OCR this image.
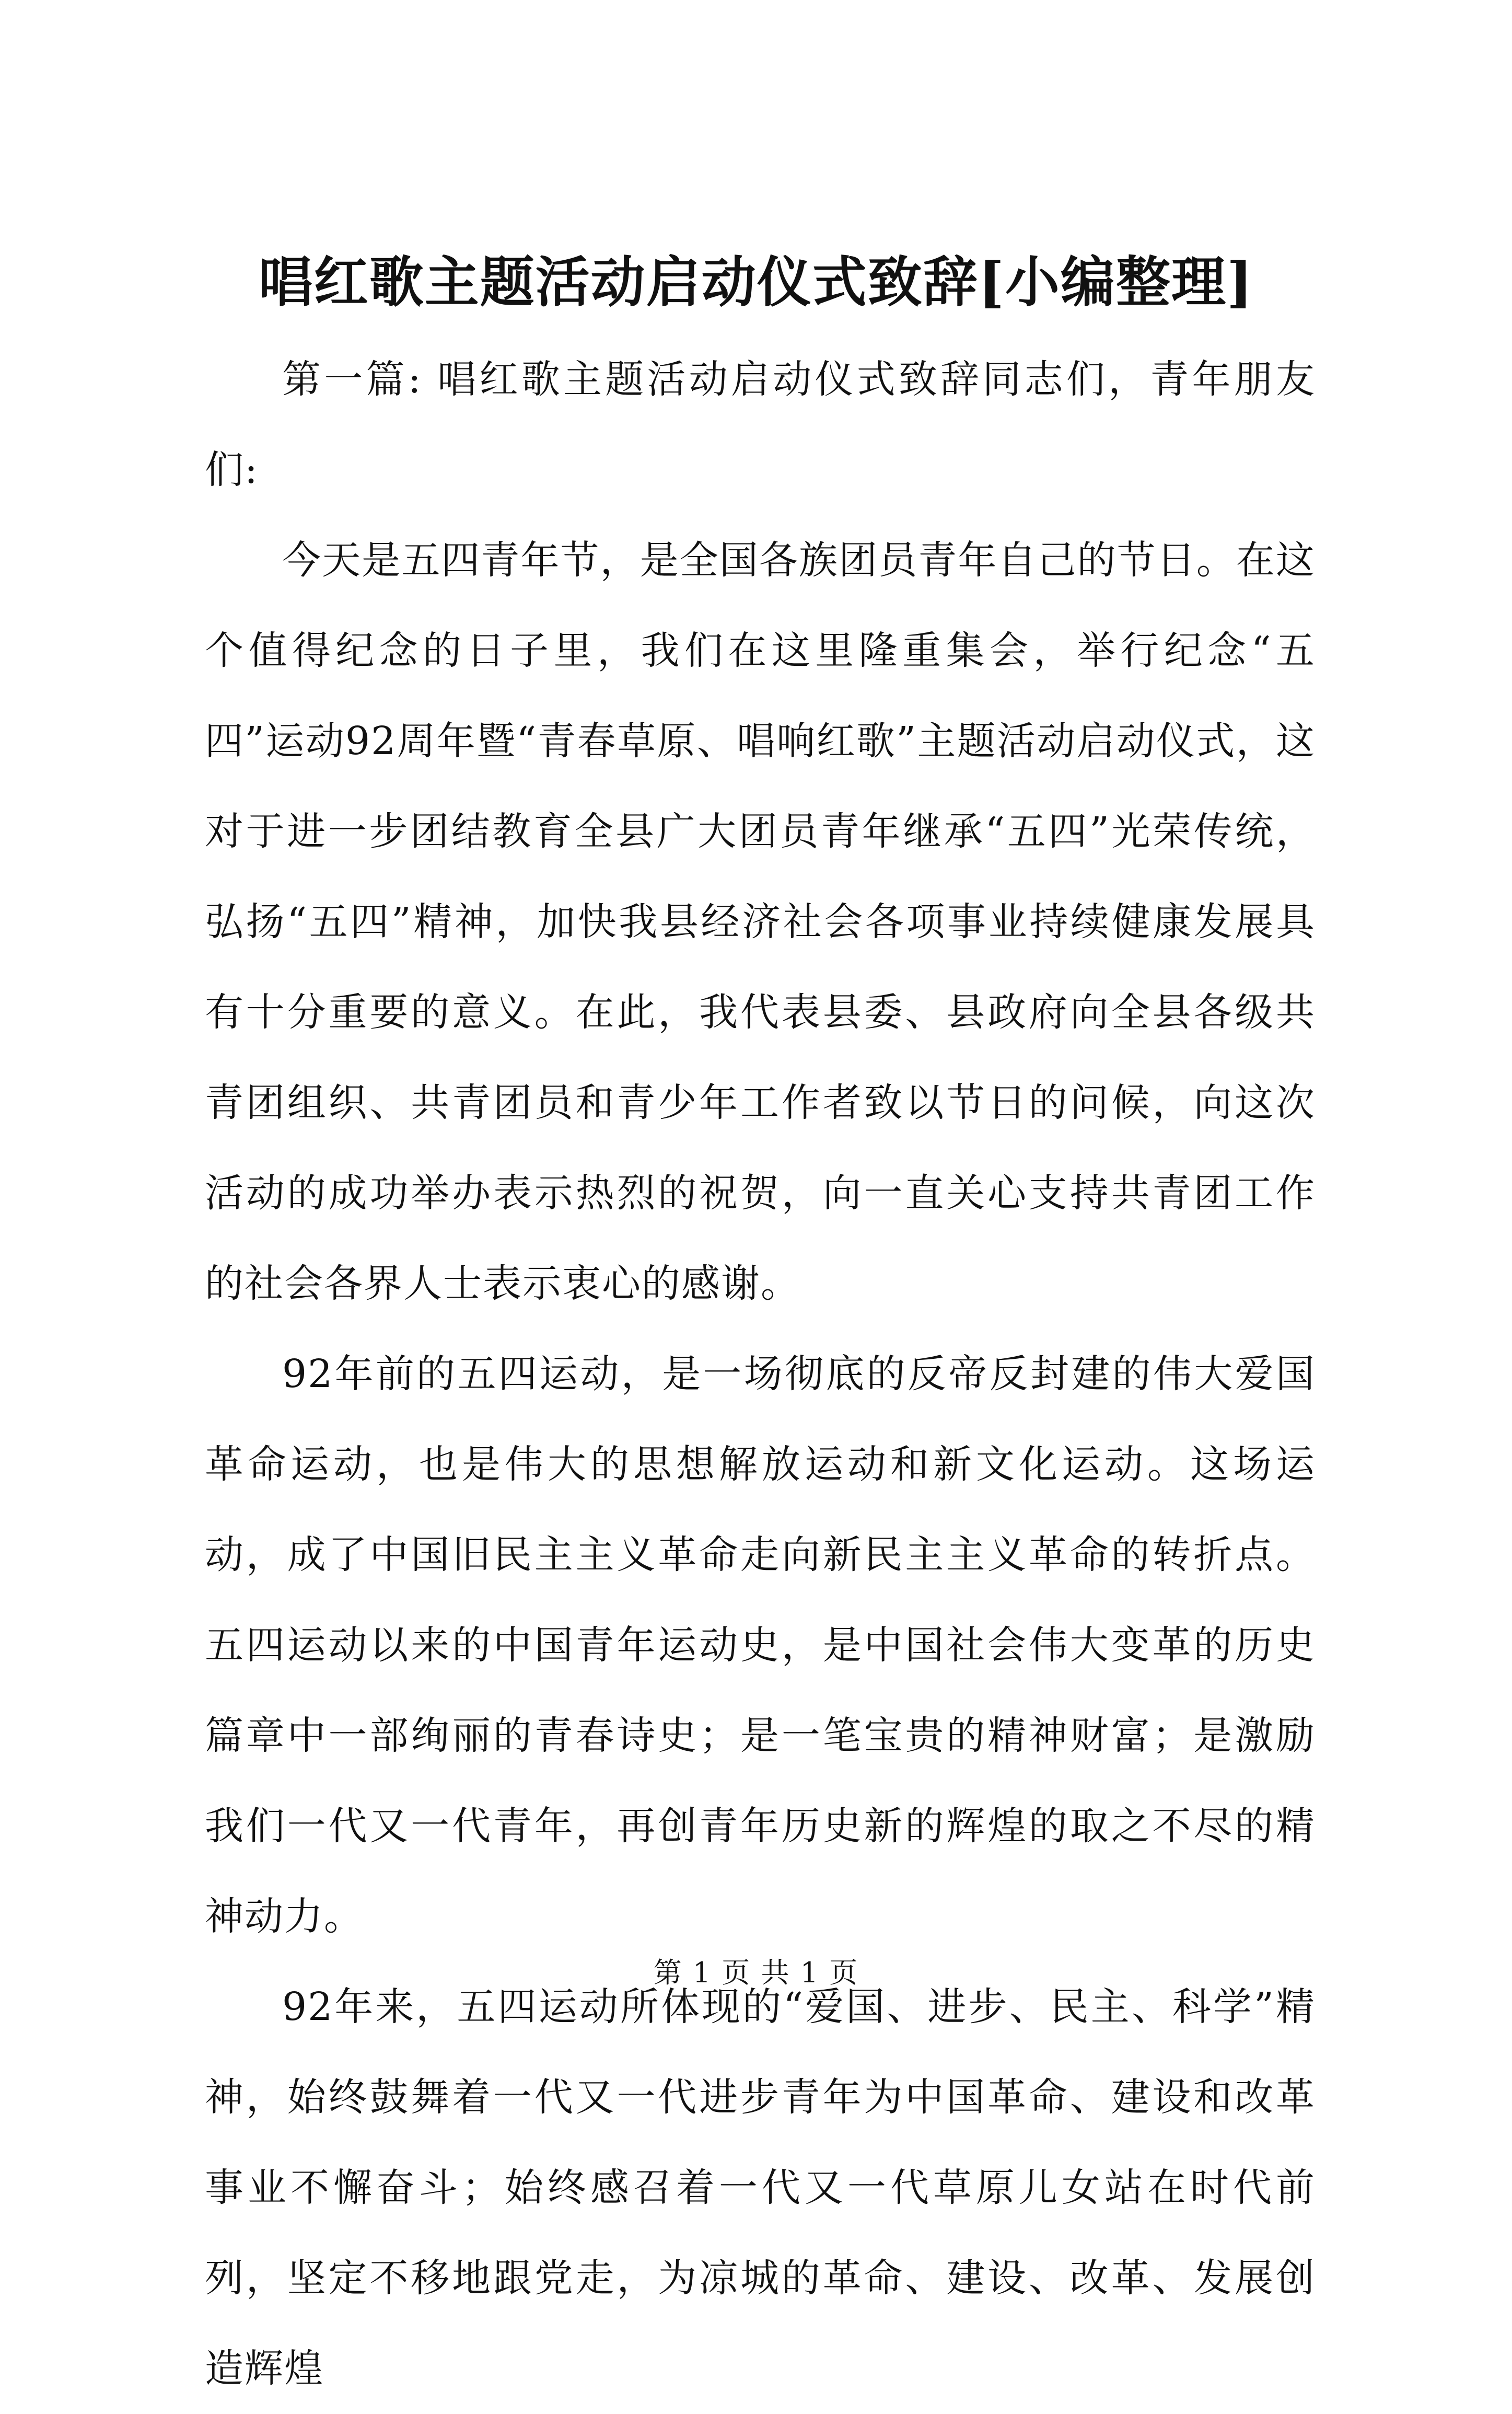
唱红歌主题活动启动仪式致辞[小编整理]

第一篇: 唱红歌主题活动启动仪式致辞同志们，青年朋友们:

今天是五四青年节，是全国各族团员青年自己的节日。在这个值得纪念的日子里，我们在这里隆重集会，举行纪念“五四”运动92周年暨“青春草原、唱响红歌”主题活动启动仪式，这对于进一步团结教育全县广大团员青年继承“五四”光荣传统，弘扬“五四”精神，加快我县经济社会各项事业持续健康发展具有十分重要的意义。在此，我代表县委、县政府向全县各级共青团组织、共青团员和青少年工作者致以节日的问候，向这次活动的成功举办表示热烈的祝贺，向一直关心支持共青团工作的社会各界人士表示衷心的感谢。

92年前的五四运动，是一场彻底的反帝反封建的伟大爱国革命运动，也是伟大的思想解放运动和新文化运动。这场运动，成了中国旧民主主义革命走向新民主主义革命的转折点。五四运动以来的中国青年运动史，是中国社会伟大变革的历史篇章中一部绚丽的青春诗史；是一笔宝贵的精神财富；是激励我们一代又一代青年，再创青年历史新的辉煌的取之不尽的精神动力。

92年来，五四运动所体现的“爱国、进步、民主、科学”精神，始终鼓舞着一代又一代进步青年为中国革命、建设和改革事业不懈奋斗；始终感召着一代又一代草原儿女站在时代前列，坚定不移地跟党走，为凉城的革命、建设、改革、发展创造辉煌

第 1 页 共 1 页
